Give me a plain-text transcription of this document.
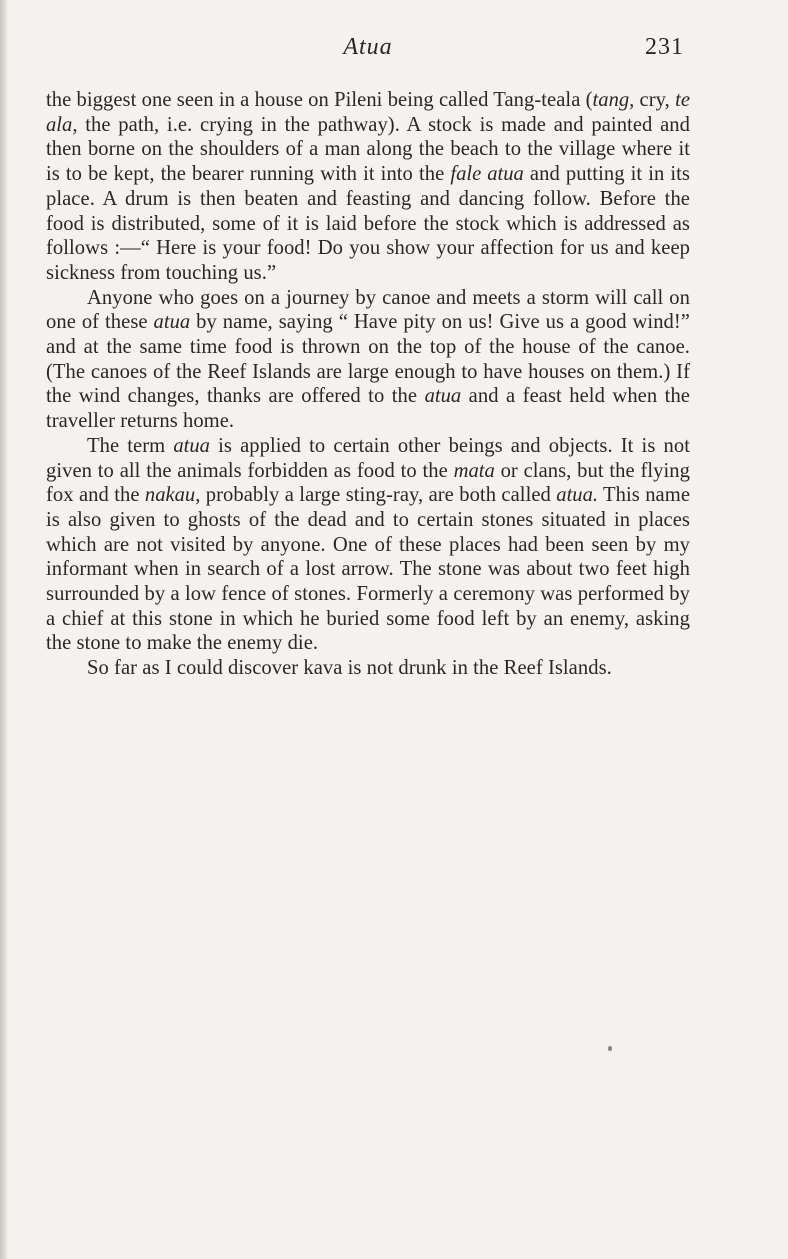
Atua	231

the biggest one seen in a house on Pileni being called Tang-teala (tang, cry, te ala, the path, i.e. crying in the pathway). A stock is made and painted and then borne on the shoulders of a man along the beach to the village where it is to be kept, the bearer running with it into the fale atua and putting it in its place. A drum is then beaten and feasting and dancing follow. Before the food is distributed, some of it is laid before the stock which is addressed as follows :—“ Here is your food! Do you show your affection for us and keep sickness from touching us.”

Anyone who goes on a journey by canoe and meets a storm will call on one of these atua by name, saying “ Have pity on us! Give us a good wind!” and at the same time food is thrown on the top of the house of the canoe. (The canoes of the Reef Islands are large enough to have houses on them.) If the wind changes, thanks are offered to the atua and a feast held when the traveller returns home.

The term atua is applied to certain other beings and objects. It is not given to all the animals forbidden as food to the mata or clans, but the flying fox and the nakau, probably a large sting-ray, are both called atua. This name is also given to ghosts of the dead and to certain stones situated in places which are not visited by anyone. One of these places had been seen by my informant when in search of a lost arrow. The stone was about two feet high surrounded by a low fence of stones. Formerly a ceremony was performed by a chief at this stone in which he buried some food left by an enemy, asking the stone to make the enemy die.

So far as I could discover kava is not drunk in the Reef Islands.
